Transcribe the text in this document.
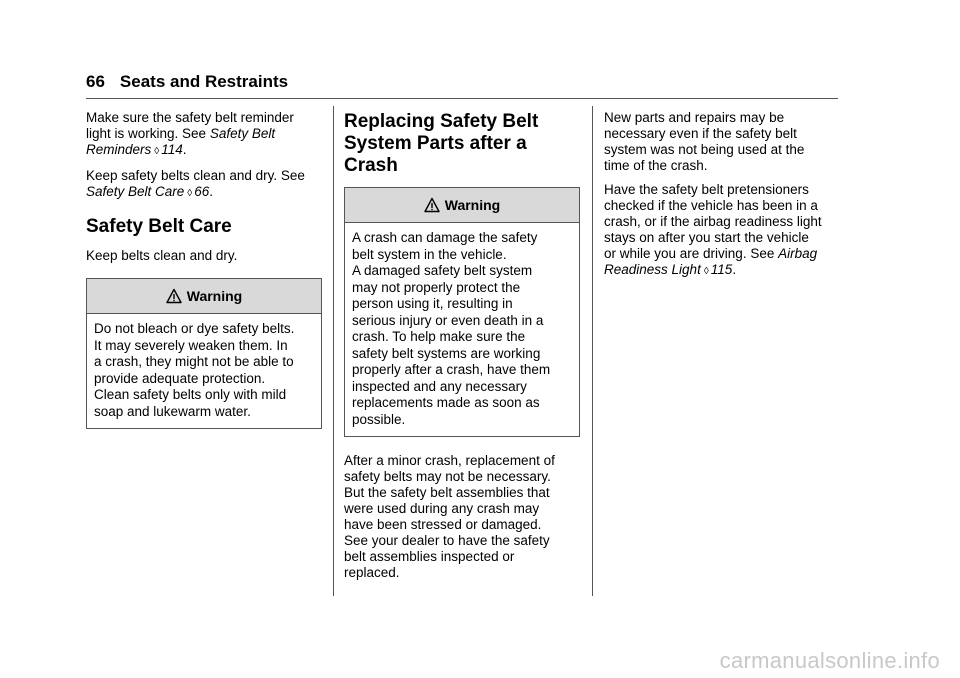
66 Seats and Restraints

Make sure the safety belt reminder light is working. See Safety Belt Reminders ◊ 114.

Keep safety belts clean and dry. See Safety Belt Care ◊ 66.

Safety Belt Care

Keep belts clean and dry.

Warning
Do not bleach or dye safety belts.
It may severely weaken them. In
a crash, they might not be able to
provide adequate protection.
Clean safety belts only with mild
soap and lukewarm water.
Replacing Safety Belt
System Parts after a
Crash
Warning
A crash can damage the safety
belt system in the vehicle.
A damaged safety belt system
may not properly protect the
person using it, resulting in
serious injury or even death in a
crash. To help make sure the
safety belt systems are working
properly after a crash, have them
inspected and any necessary
replacements made as soon as
possible.

After a minor crash, replacement of
safety belts may not be necessary.
But the safety belt assemblies that
were used during any crash may
have been stressed or damaged.
See your dealer to have the safety
belt assemblies inspected or
replaced.

New parts and repairs may be
necessary even if the safety belt
system was not being used at the
time of the crash.

Have the safety belt pretensioners
checked if the vehicle has been in a
crash, or if the airbag readiness light
stays on after you start the vehicle
or while you are driving. See Airbag
Readiness Light ◊ 115.

carmanualsonline.info
